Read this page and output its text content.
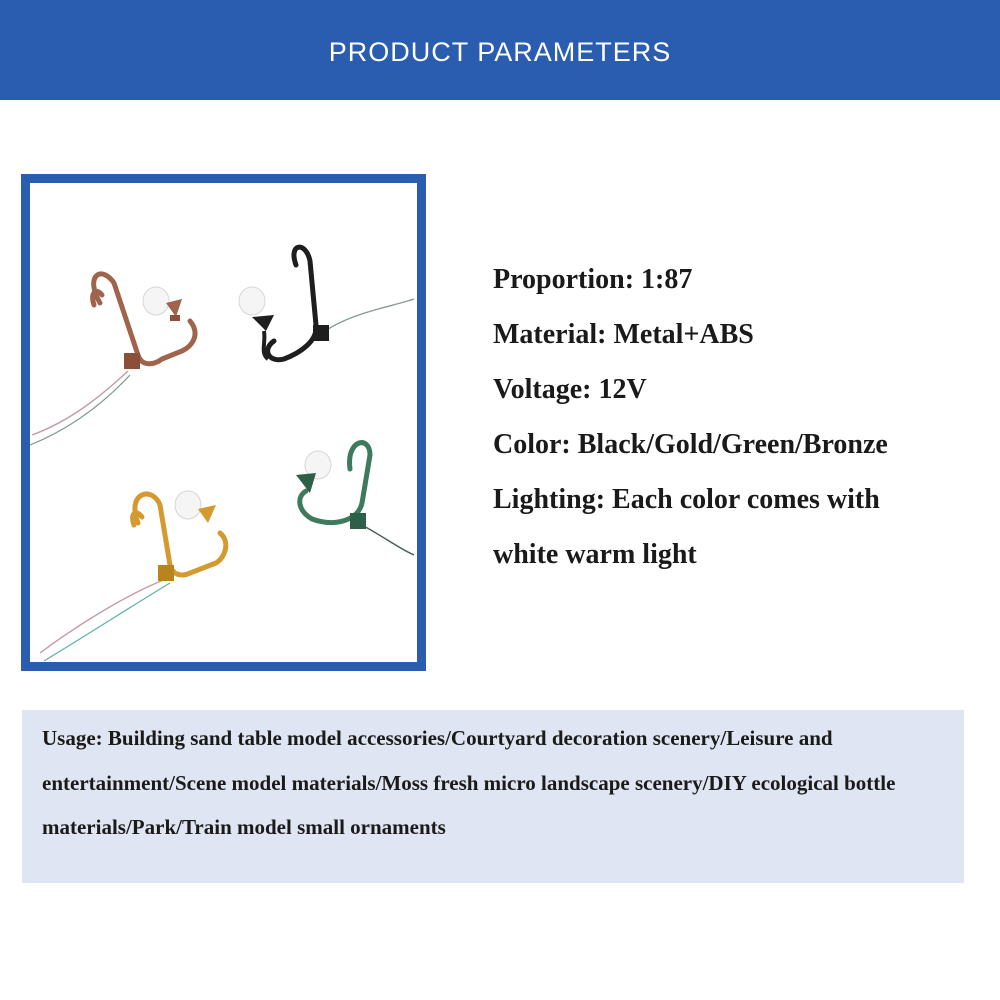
PRODUCT PARAMETERS
Proportion: 1:87
Material: Metal+ABS
Voltage: 12V
Color: Black/Gold/Green/Bronze
Lighting: Each color comes with
white warm light
Usage: Building sand table model accessories/Courtyard decoration scenery/Leisure and entertainment/Scene model materials/Moss fresh micro landscape scenery/DIY ecological bottle materials/Park/Train model small ornaments
